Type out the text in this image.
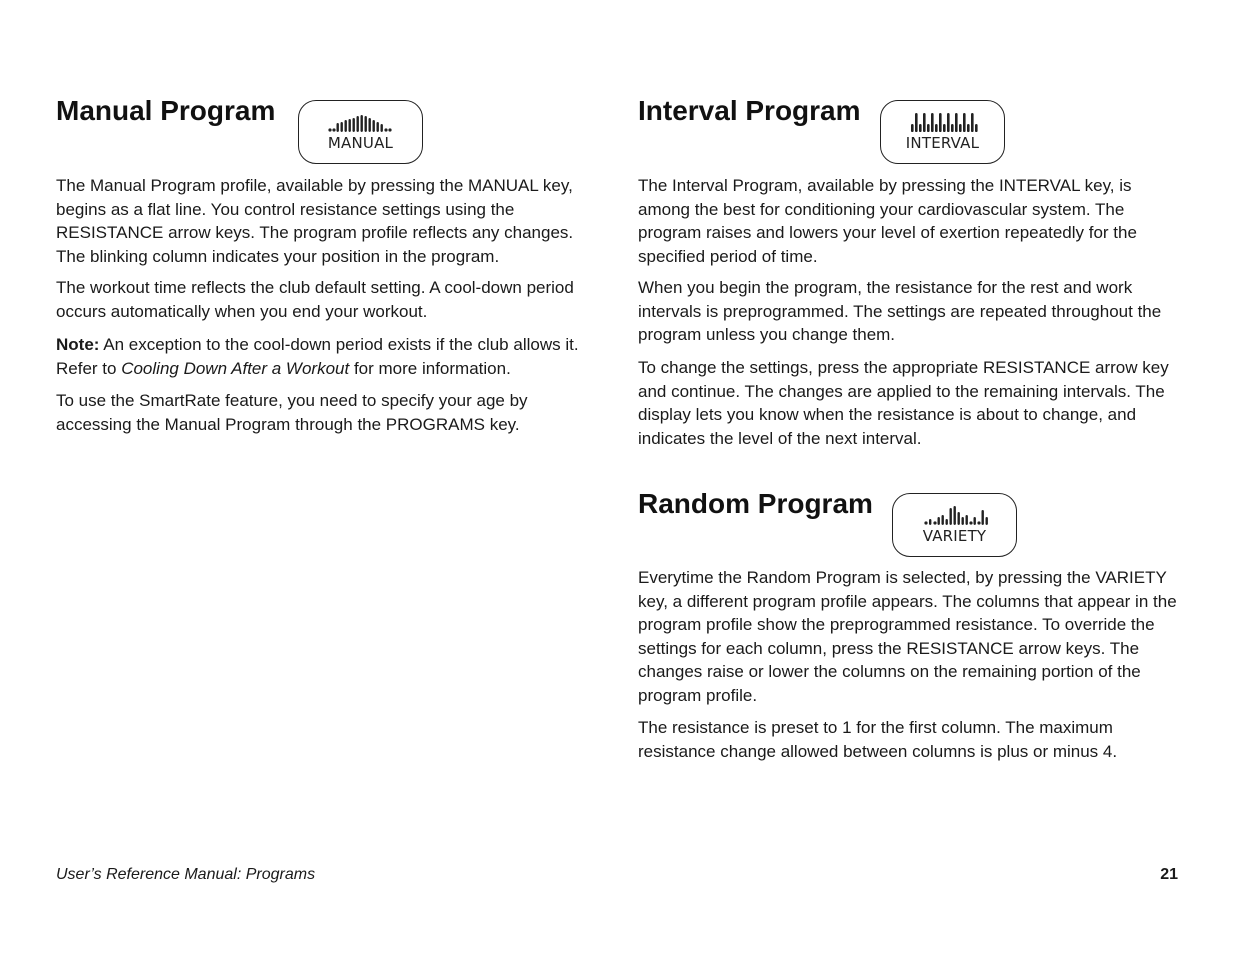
Manual Program
MANUAL

The Manual Program profile, available by pressing the MANUAL key, begins as a flat line. You control resistance settings using the RESISTANCE arrow keys. The program profile reflects any changes. The blinking column indicates your position in the program.

The workout time reflects the club default setting. A cool-down period occurs automatically when you end your workout.

Note: An exception to the cool-down period exists if the club allows it. Refer to Cooling Down After a Workout for more information.

To use the SmartRate feature, you need to specify your age by accessing the Manual Program through the PROGRAMS key.

Interval Program
INTERVAL

The Interval Program, available by pressing the INTERVAL key, is among the best for conditioning your cardiovascular system. The program raises and lowers your level of exertion repeatedly for the specified period of time.

When you begin the program, the resistance for the rest and work intervals is preprogrammed. The settings are repeated throughout the program unless you change them.

To change the settings, press the appropriate RESISTANCE arrow key and continue. The changes are applied to the remaining intervals. The display lets you know when the resistance is about to change, and indicates the level of the next interval.

Random Program
VARIETY

Everytime the Random Program is selected, by pressing the VARIETY key, a different program profile appears. The columns that appear in the program profile show the preprogrammed resistance. To override the settings for each column, press the RESISTANCE arrow keys. The changes raise or lower the columns on the remaining portion of the program profile.

The resistance is preset to 1 for the first column. The maximum resistance change allowed between columns is plus or minus 4.

User’s Reference Manual: Programs	21
